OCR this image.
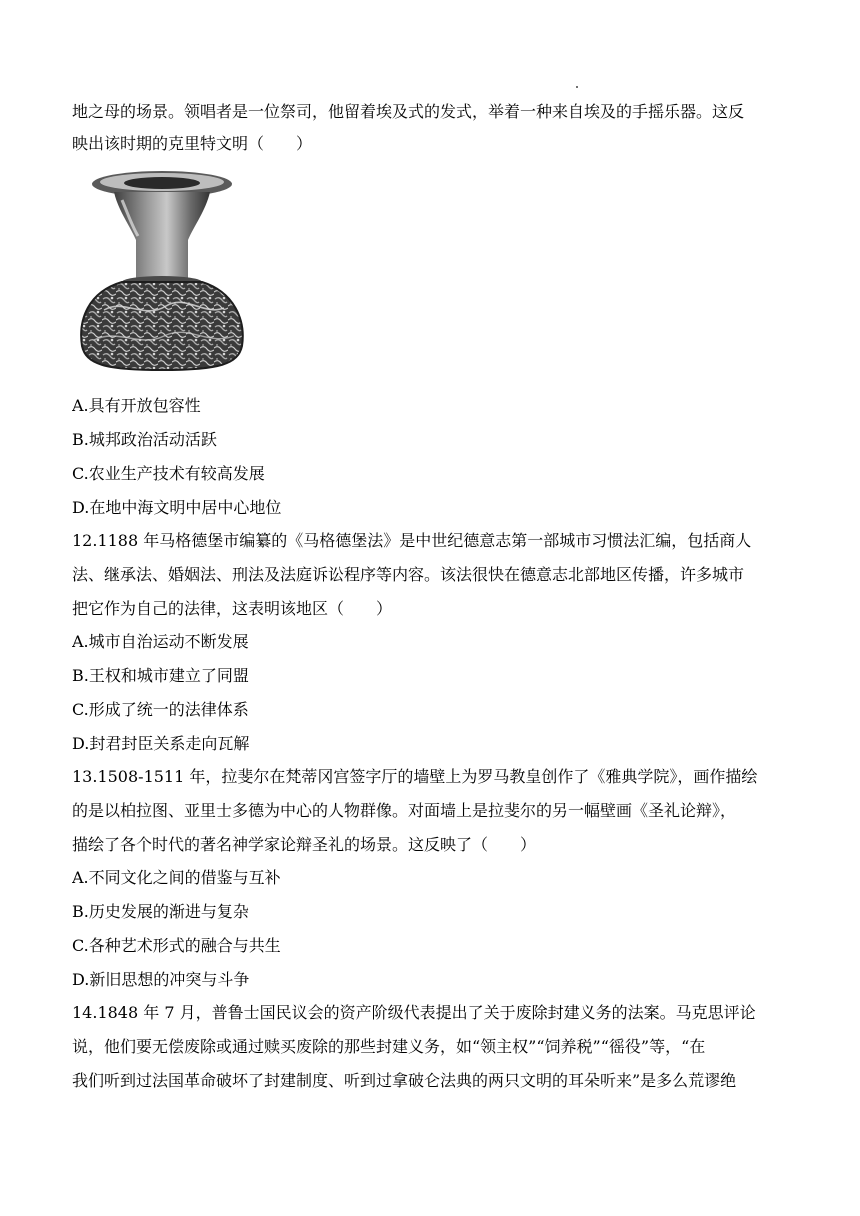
地之母的场景。领唱者是一位祭司，他留着埃及式的发式，举着一种来自埃及的手摇乐器。这反
映出该时期的克里特文明（　　）
A.具有开放包容性
B.城邦政治活动活跃
C.农业生产技术有较高发展
D.在地中海文明中居中心地位
12.1188 年马格德堡市编纂的《马格德堡法》是中世纪德意志第一部城市习惯法汇编，包括商人
法、继承法、婚姻法、刑法及法庭诉讼程序等内容。该法很快在德意志北部地区传播，许多城市
把它作为自己的法律，这表明该地区（　　）
A.城市自治运动不断发展
B.王权和城市建立了同盟
C.形成了统一的法律体系
D.封君封臣关系走向瓦解
13.1508-1511 年，拉斐尔在梵蒂冈宫签字厅的墙壁上为罗马教皇创作了《雅典学院》，画作描绘
的是以柏拉图、亚里士多德为中心的人物群像。对面墙上是拉斐尔的另一幅壁画《圣礼论辩》，
描绘了各个时代的著名神学家论辩圣礼的场景。这反映了（　　）
A.不同文化之间的借鉴与互补
B.历史发展的渐进与复杂
C.各种艺术形式的融合与共生
D.新旧思想的冲突与斗争
14.1848 年 7 月，普鲁士国民议会的资产阶级代表提出了关于废除封建义务的法案。马克思评论
说，他们要无偿废除或通过赎买废除的那些封建义务，如“领主权”“饲养税”“徭役”等，“在
我们听到过法国革命破坏了封建制度、听到过拿破仑法典的两只文明的耳朵听来”是多么荒谬绝
